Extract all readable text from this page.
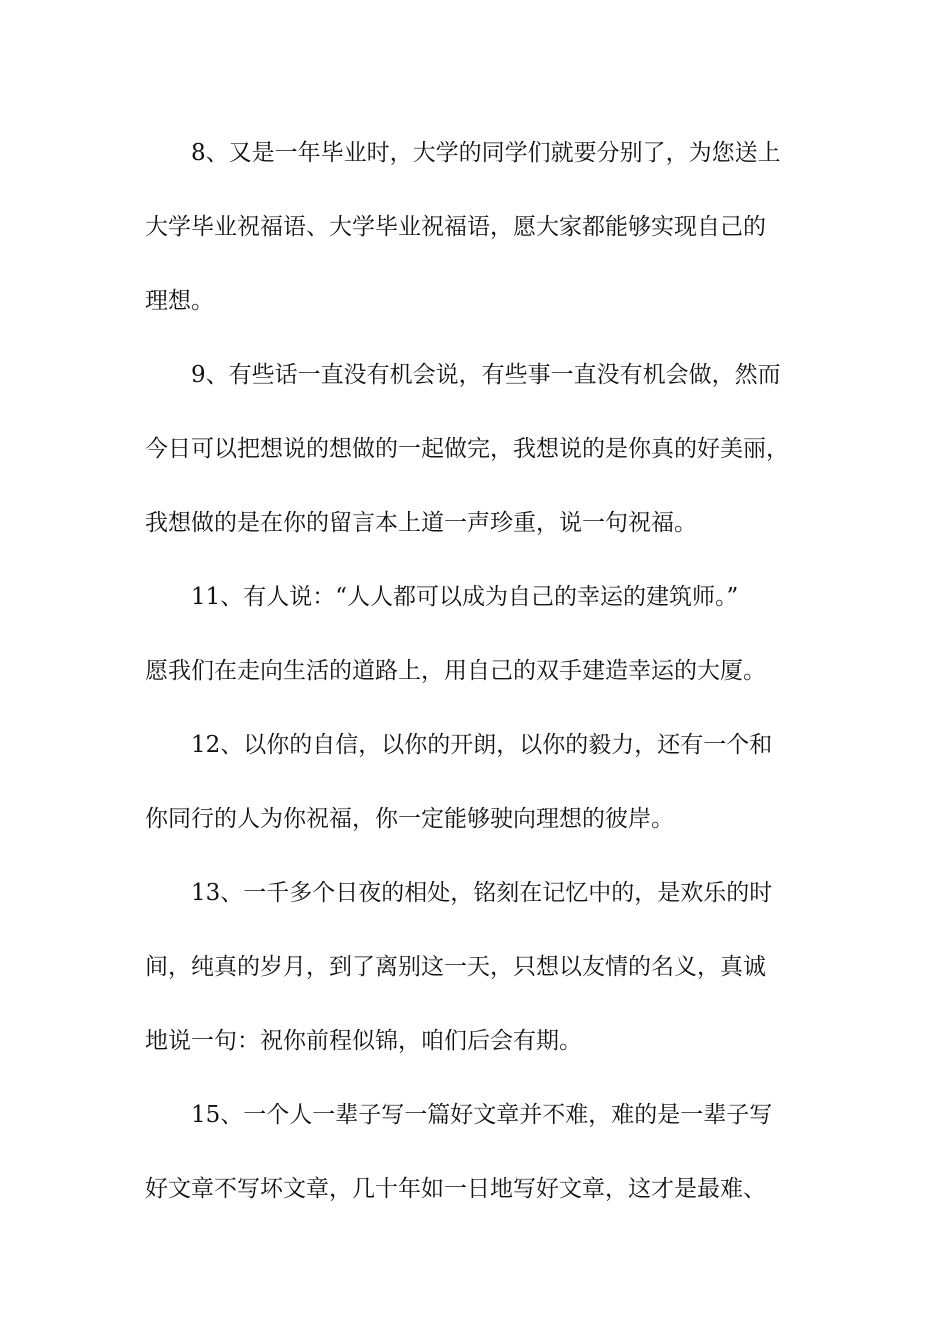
8、又是一年毕业时，大学的同学们就要分别了，为您送上
大学毕业祝福语、大学毕业祝福语，愿大家都能够实现自己的
理想。
9、有些话一直没有机会说，有些事一直没有机会做，然而
今日可以把想说的想做的一起做完，我想说的是你真的好美丽，
我想做的是在你的留言本上道一声珍重，说一句祝福。
11、有人说：“人人都可以成为自己的幸运的建筑师。”
愿我们在走向生活的道路上，用自己的双手建造幸运的大厦。
12、以你的自信，以你的开朗，以你的毅力，还有一个和
你同行的人为你祝福，你一定能够驶向理想的彼岸。
13、一千多个日夜的相处，铭刻在记忆中的，是欢乐的时
间，纯真的岁月，到了离别这一天，只想以友情的名义，真诚
地说一句：祝你前程似锦，咱们后会有期。
15、一个人一辈子写一篇好文章并不难，难的是一辈子写
好文章不写坏文章，几十年如一日地写好文章，这才是最难、
